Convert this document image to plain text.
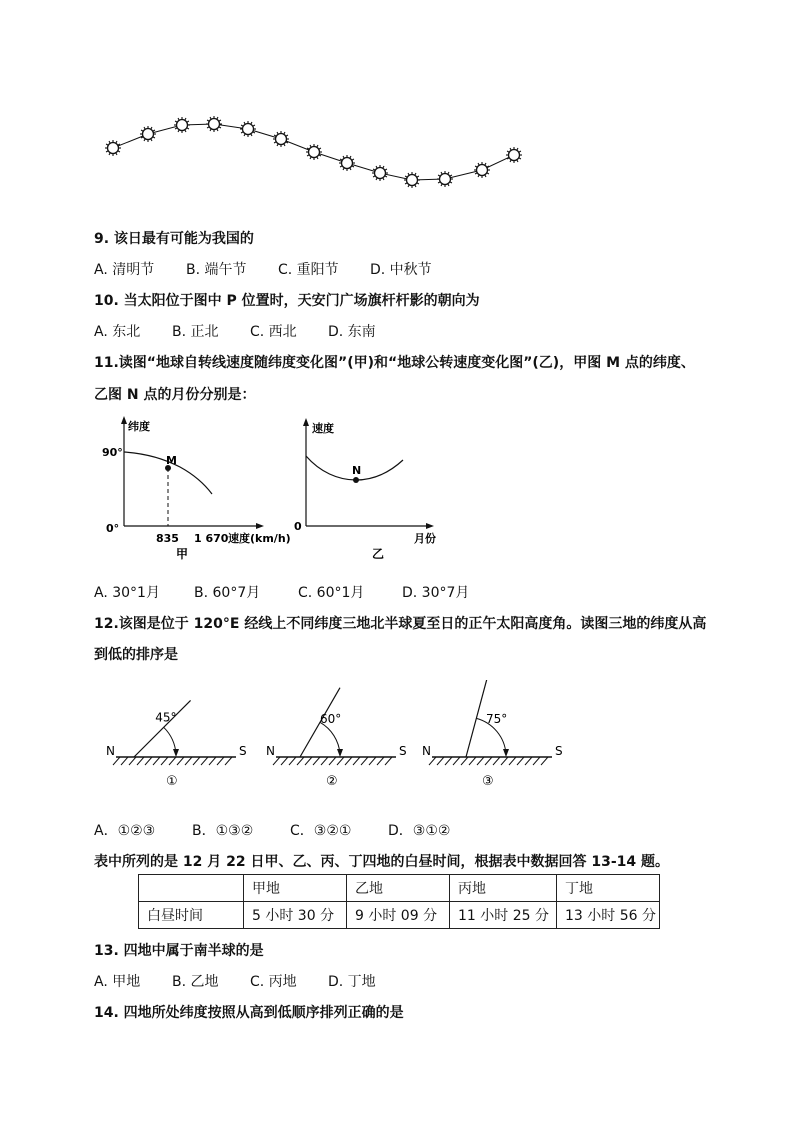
9. 该日最有可能为我国的
A. 清明节 B. 端午节 C. 重阳节 D. 中秋节
10. 当太阳位于图中 P 位置时，天安门广场旗杆杆影的朝向为
A. 东北 B. 正北 C. 西北 D. 东南
11.读图“地球自转线速度随纬度变化图”(甲)和“地球公转速度变化图”(乙)，甲图 M 点的纬度、
乙图 N 点的月份分别是：
M
纬度
90°
0°
835 1 670 速度(km/h)
甲
N
速度
0
月份
乙
A. 30°1月 B. 60°7月	C. 60°1月	D. 30°7月
12.该图是位于 120°E 经线上不同纬度三地北半球夏至日的正午太阳高度角。读图三地的纬度从高
到低的排序是
N	S
45°
①
N	S
60°
②
N	S
75°
③
A．①②③	B．①③②	C．③②①	D．③①②
表中所列的是 12 月 22 日甲、乙、丙、丁四地的白昼时间，根据表中数据回答 13-14 题。
	甲地	乙地	丙地	丁地
白昼时间	5 小时 30 分	9 小时 09 分	11 小时 25 分	13 小时 56 分
13. 四地中属于南半球的是
A. 甲地 B. 乙地 C. 丙地 D. 丁地
14. 四地所处纬度按照从高到低顺序排列正确的是
